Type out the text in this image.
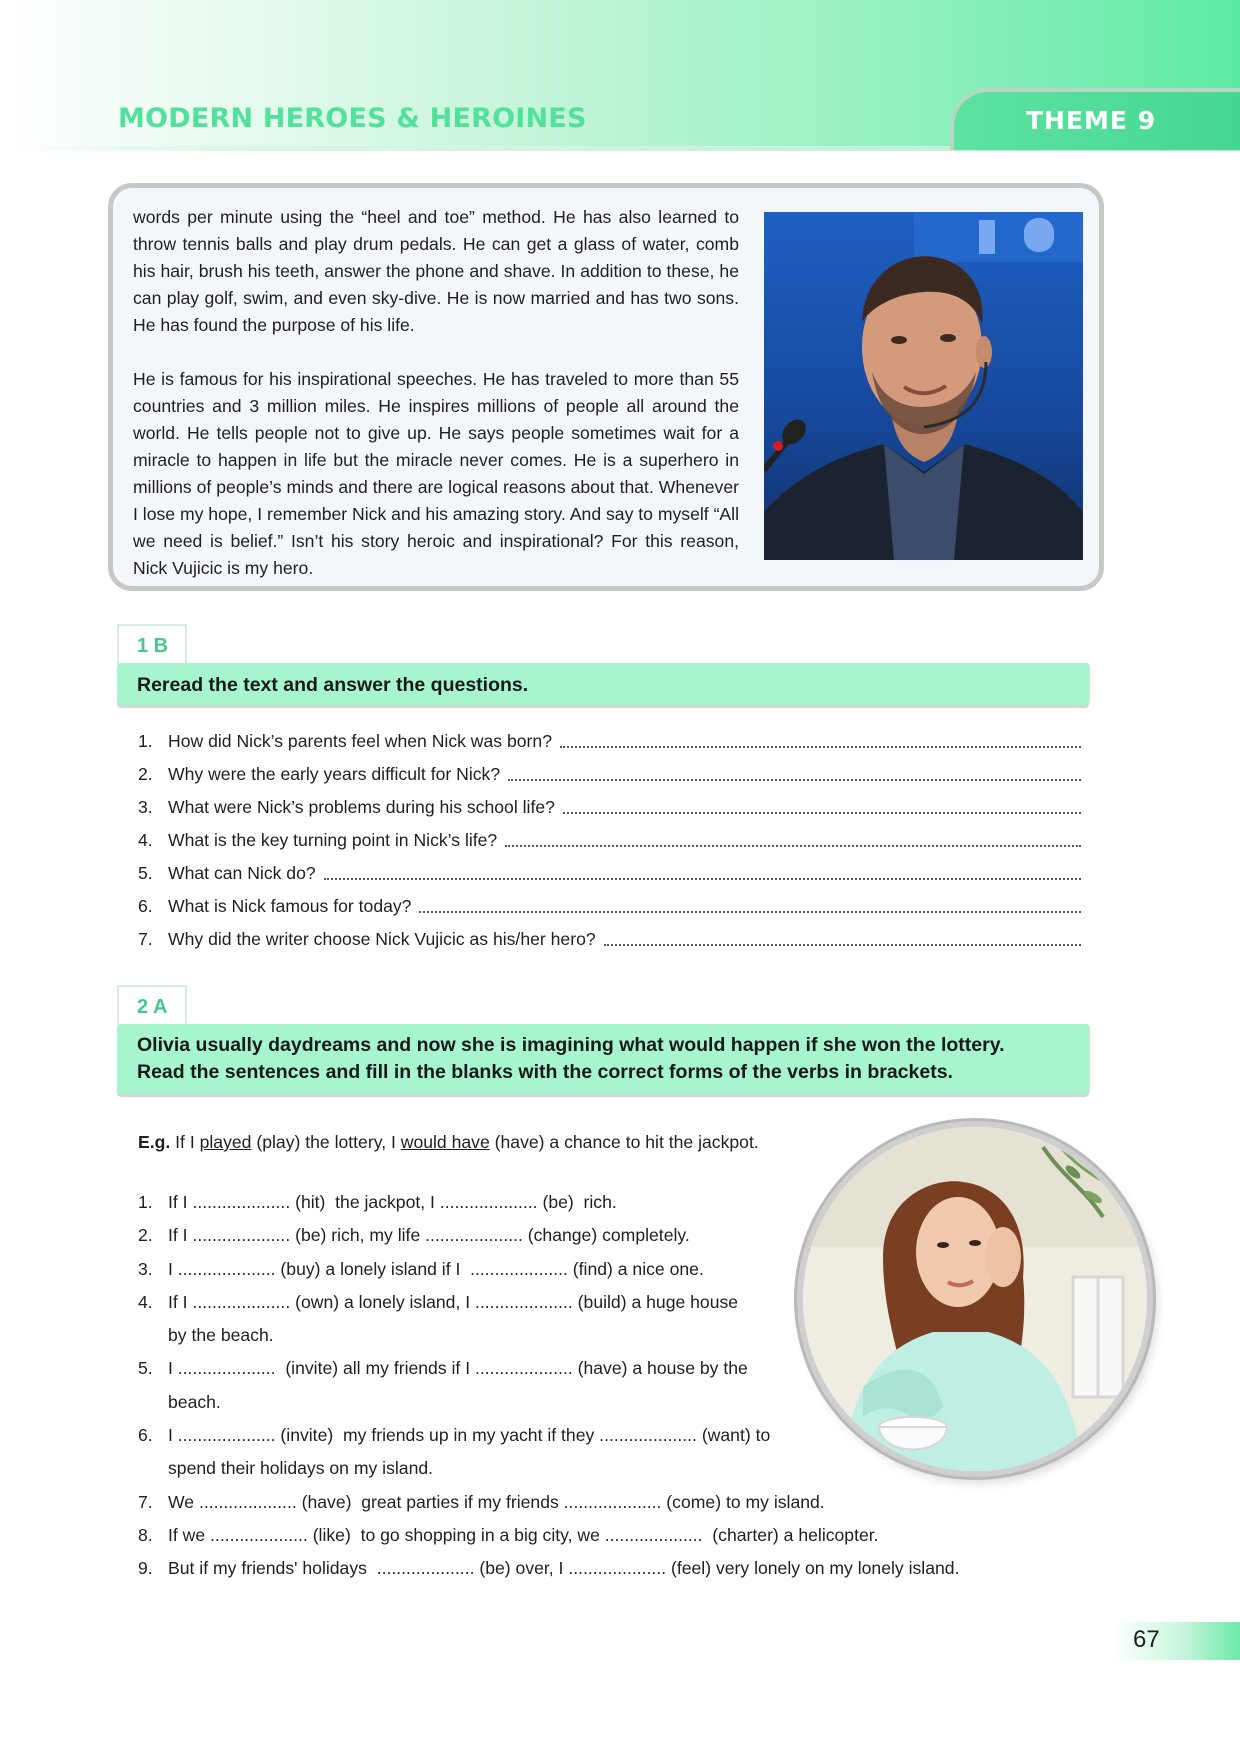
MODERN HEROES & HEROINES	THEME 9

words per minute using the “heel and toe” method. He has also learned to throw tennis balls and play drum pedals. He can get a glass of water, comb his hair, brush his teeth, answer the phone and shave. In addition to these, he can play golf, swim, and even sky-dive. He is now married and has two sons. He has found the purpose of his life.

He is famous for his inspirational speeches. He has traveled to more than 55 countries and 3 million miles. He inspires millions of people all around the world. He tells people not to give up. He says people sometimes wait for a miracle to happen in life but the miracle never comes. He is a superhero in millions of people’s minds and there are logical reasons about that. Whenever I lose my hope, I remember Nick and his amazing story. And say to myself “All we need is belief.” Isn’t his story heroic and inspirational? For this reason, Nick Vujicic is my hero.

1 B
Reread the text and answer the questions.
1. How did Nick’s parents feel when Nick was born?
2. Why were the early years difficult for Nick?
3. What were Nick’s problems during his school life?
4. What is the key turning point in Nick’s life?
5. What can Nick do?
6. What is Nick famous for today?
7. Why did the writer choose Nick Vujicic as his/her hero?
2 A
Olivia usually daydreams and now she is imagining what would happen if she won the lottery.
Read the sentences and fill in the blanks with the correct forms of the verbs in brackets.
E.g. If I played (play) the lottery, I would have (have) a chance to hit the jackpot.
1. If I .................... (hit)  the jackpot, I .................... (be)  rich.
2. If I .................... (be) rich, my life .................... (change) completely.
3. I .................... (buy) a lonely island if I  .................... (find) a nice one.
4. If I .................... (own) a lonely island, I .................... (build) a huge house
by the beach.
5. I ....................  (invite) all my friends if I .................... (have) a house by the
beach.
6. I .................... (invite)  my friends up in my yacht if they .................... (want) to
spend their holidays on my island.
7. We .................... (have)  great parties if my friends .................... (come) to my island.
8. If we .................... (like)  to go shopping in a big city, we ....................  (charter) a helicopter.
9. But if my friends' holidays  .................... (be) over, I .................... (feel) very lonely on my lonely island.
67
